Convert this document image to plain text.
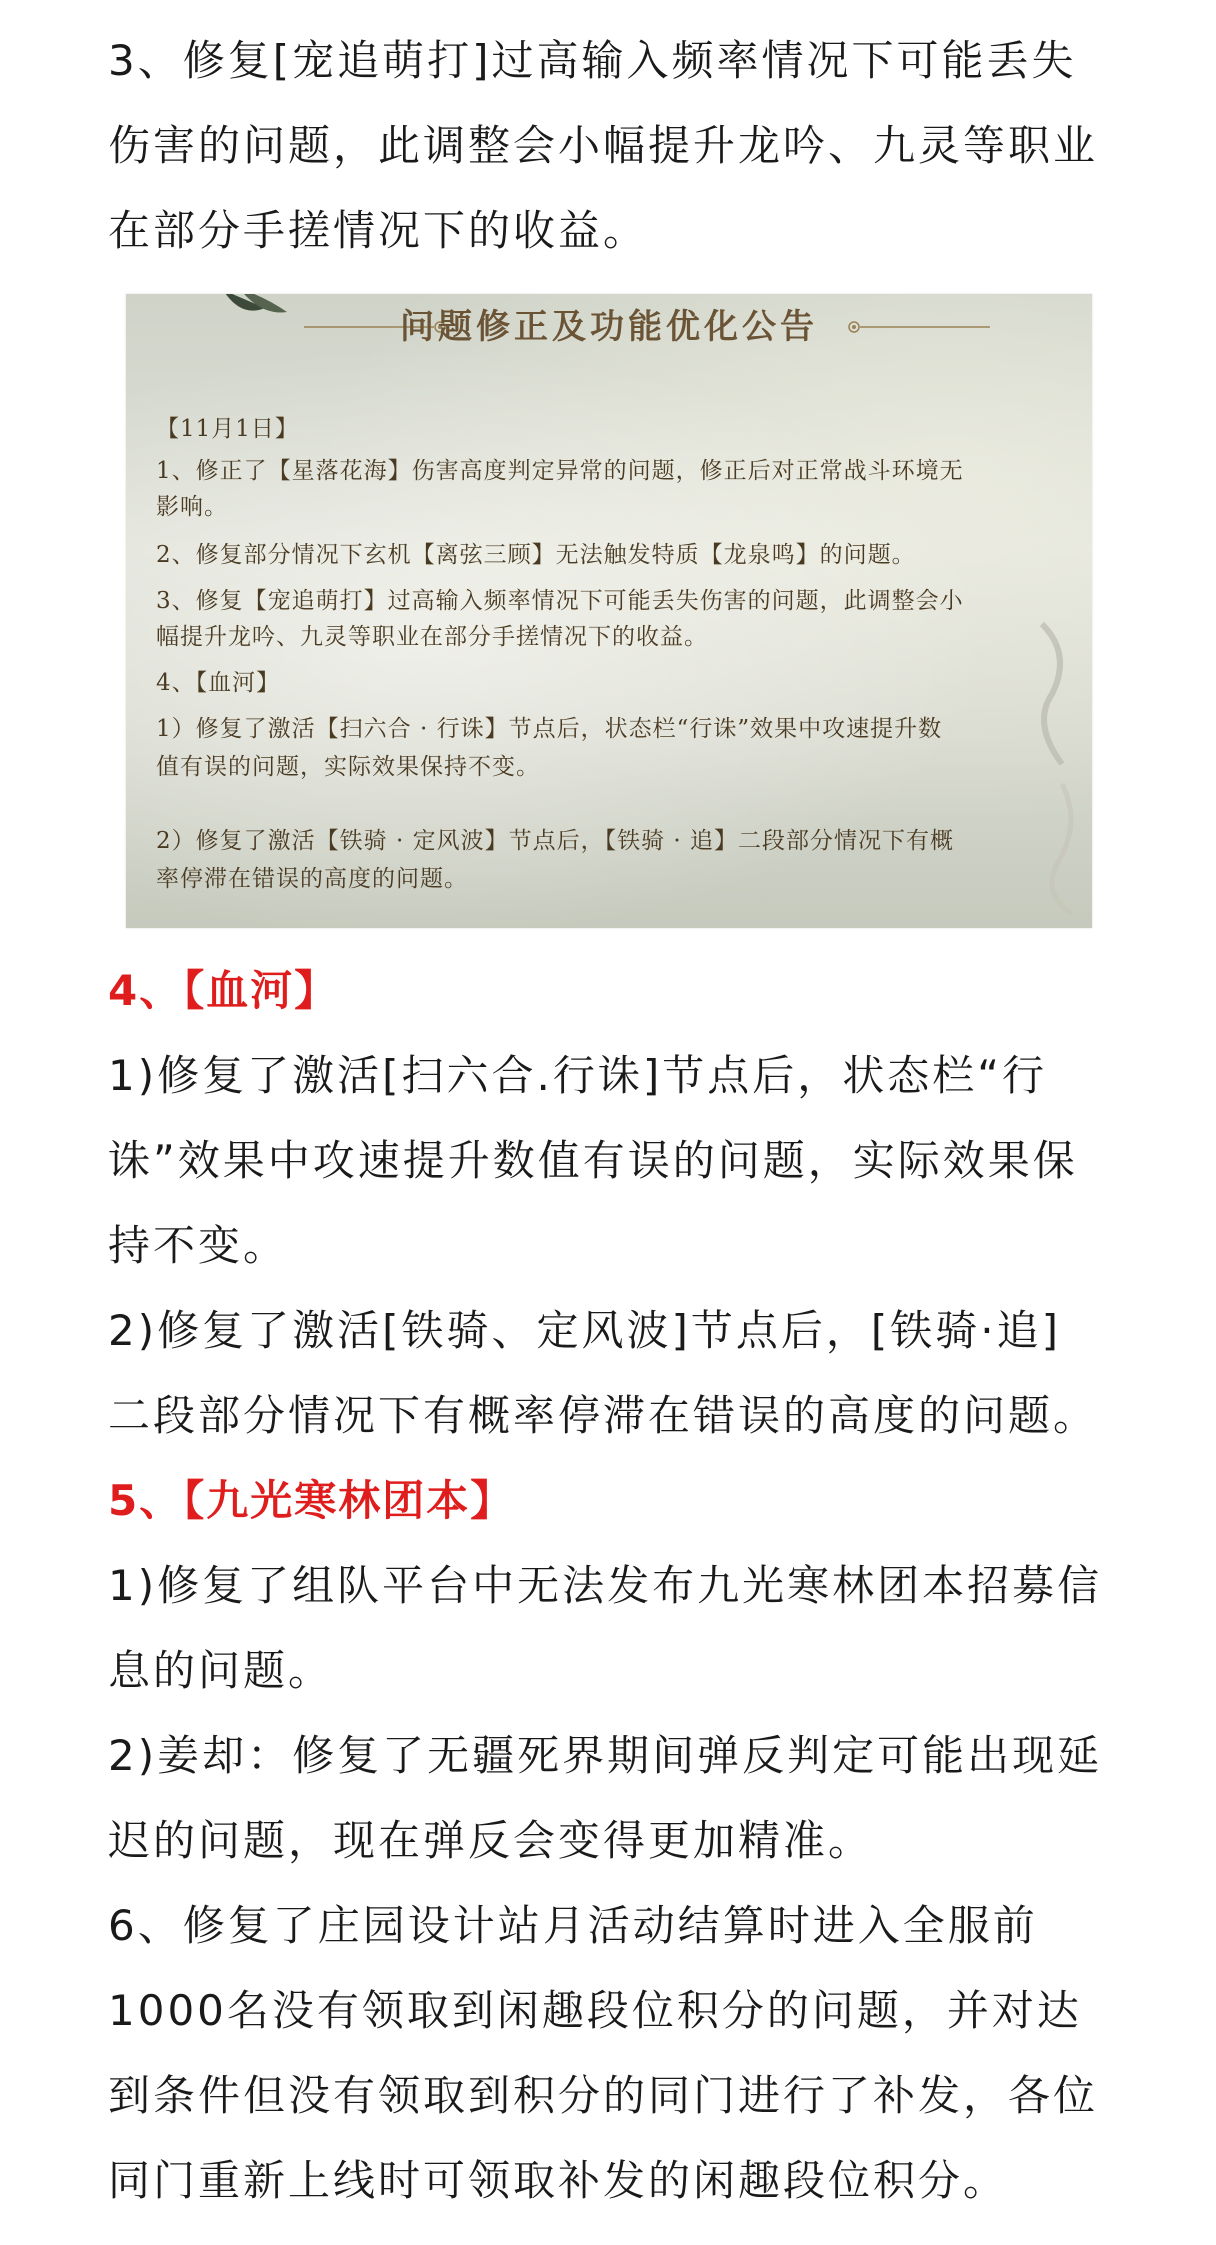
3、修复[宠追萌打]过高输入频率情况下可能丢失
伤害的问题，此调整会小幅提升龙吟、九灵等职业
在部分手搓情况下的收益。
问题修正及功能优化公告
【11月1日】
1、修正了【星落花海】伤害高度判定异常的问题，修正后对正常战斗环境无
影响。
2、修复部分情况下玄机【离弦三顾】无法触发特质【龙泉鸣】的问题。
3、修复【宠追萌打】过高输入频率情况下可能丢失伤害的问题，此调整会小
幅提升龙吟、九灵等职业在部分手搓情况下的收益。
4、【血河】
1）修复了激活【扫六合 · 行诛】节点后，状态栏“行诛”效果中攻速提升数
值有误的问题，实际效果保持不变。
2）修复了激活【铁骑 · 定风波】节点后，【铁骑 · 追】二段部分情况下有概
率停滞在错误的高度的问题。
4、【血河】
1)修复了激活[扫六合.行诛]节点后，状态栏“行
诛”效果中攻速提升数值有误的问题，实际效果保
持不变。
2)修复了激活[铁骑、定风波]节点后，[铁骑·追]
二段部分情况下有概率停滞在错误的高度的问题。
5、【九光寒林团本】
1)修复了组队平台中无法发布九光寒林团本招募信
息的问题。
2)姜却：修复了无疆死界期间弹反判定可能出现延
迟的问题，现在弹反会变得更加精准。
6、修复了庄园设计站月活动结算时进入全服前
1000名没有领取到闲趣段位积分的问题，并对达
到条件但没有领取到积分的同门进行了补发，各位
同门重新上线时可领取补发的闲趣段位积分。
